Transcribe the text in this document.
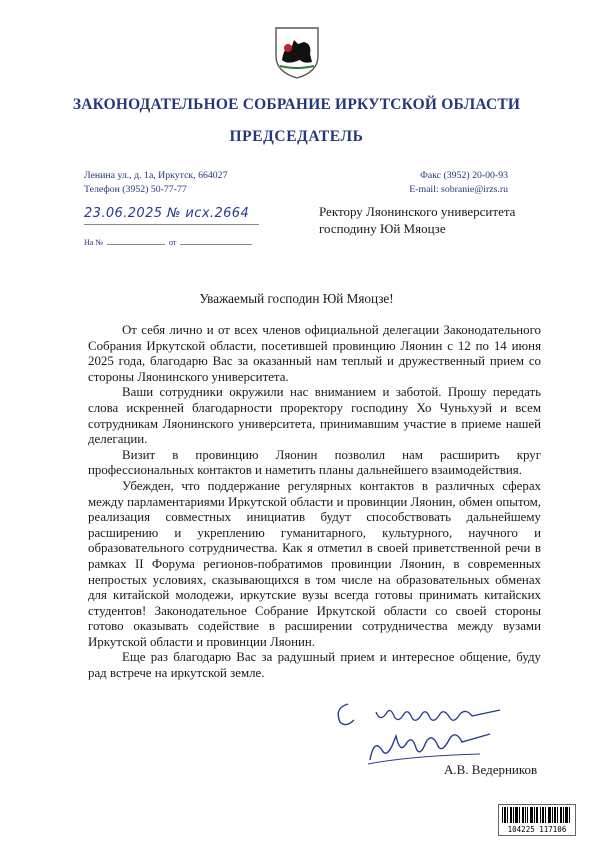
ЗАКОНОДАТЕЛЬНОЕ СОБРАНИЕ ИРКУТСКОЙ ОБЛАСТИ
ПРЕДСЕДАТЕЛЬ
Ленина ул., д. 1а, Иркутск, 664027
Телефон (3952) 50-77-77
Факс (3952) 20-00-93
E-mail: sobranie@irzs.ru
23.06.2025 № исх.2664
На №	от
Ректору Ляонинского университета
господину Юй Мяоцзе
Уважаемый господин Юй Мяоцзе!

От себя лично и от всех членов официальной делегации Законодательного Собрания Иркутской области, посетившей провинцию Ляонин с 12 по 14 июня 2025 года, благодарю Вас за оказанный нам теплый и дружественный прием со стороны Ляонинского университета.

Ваши сотрудники окружили нас вниманием и заботой. Прошу передать слова искренней благодарности проректору господину Хо Чуньхуэй и всем сотрудникам Ляонинского университета, принимавшим участие в приеме нашей делегации.

Визит в провинцию Ляонин позволил нам расширить круг профессиональных контактов и наметить планы дальнейшего взаимодействия.

Убежден, что поддержание регулярных контактов в различных сферах между парламентариями Иркутской области и провинции Ляонин, обмен опытом, реализация совместных инициатив будут способствовать дальнейшему расширению и укреплению гуманитарного, культурного, научного и образовательного сотрудничества. Как я отметил в своей приветственной речи в рамках II Форума регионов-побратимов провинции Ляонин, в современных непростых условиях, сказывающихся в том числе на образовательных обменах для китайской молодежи, иркутские вузы всегда готовы принимать китайских студентов! Законодательное Собрание Иркутской области со своей стороны готово оказывать содействие в расширении сотрудничества между вузами Иркутской области и провинции Ляонин.

Еще раз благодарю Вас за радушный прием и интересное общение, буду рад встрече на иркутской земле.

А.В. Ведерников
104225 117106
